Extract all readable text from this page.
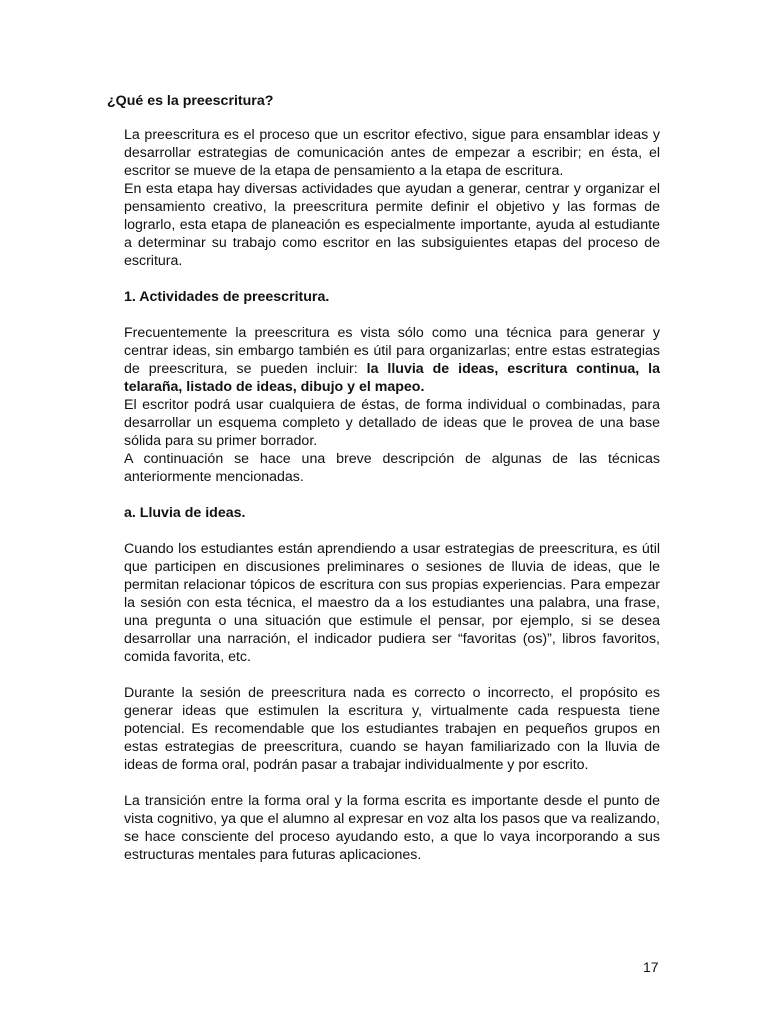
¿Qué es la preescritura?

La preescritura es el proceso que un escritor efectivo, sigue para ensamblar ideas y desarrollar estrategias de comunicación antes de empezar a escribir; en ésta, el escritor se mueve de la etapa de pensamiento a la etapa de escritura.

En esta etapa hay diversas actividades que ayudan a generar, centrar y organizar el pensamiento creativo, la preescritura permite definir el objetivo y las formas de lograrlo, esta etapa de planeación es especialmente importante, ayuda al estudiante a determinar su trabajo como escritor en las subsiguientes etapas del proceso de escritura.

1. Actividades de preescritura.

Frecuentemente la preescritura es vista sólo como una técnica para generar y centrar ideas, sin embargo también es útil para organizarlas; entre estas estrategias de preescritura, se pueden incluir: la lluvia de ideas, escritura continua, la telaraña, listado de ideas, dibujo y el mapeo.

El escritor podrá usar cualquiera de éstas, de forma individual o combinadas, para desarrollar un esquema completo y detallado de ideas que le provea de una base sólida para su primer borrador.

A continuación se hace una breve descripción de algunas de las técnicas anteriormente mencionadas.

a. Lluvia de ideas.

Cuando los estudiantes están aprendiendo a usar estrategias de preescritura, es útil que participen en discusiones preliminares o sesiones de lluvia de ideas, que le permitan relacionar tópicos de escritura con sus propias experiencias. Para empezar la sesión con esta técnica, el maestro da a los estudiantes una palabra, una frase, una pregunta o una situación que estimule el pensar, por ejemplo, si se desea desarrollar una narración, el indicador pudiera ser “favoritas (os)”, libros favoritos, comida favorita, etc.

Durante la sesión de preescritura nada es correcto o incorrecto, el propósito es generar ideas que estimulen la escritura y, virtualmente cada respuesta tiene potencial. Es recomendable que los estudiantes trabajen en pequeños grupos en estas estrategias de preescritura, cuando se hayan familiarizado con la lluvia de ideas de forma oral, podrán pasar a trabajar individualmente y por escrito.

La transición entre la forma oral y la forma escrita es importante desde el punto de vista cognitivo, ya que el alumno al expresar en voz alta los pasos que va realizando, se hace consciente del proceso ayudando esto, a que lo vaya incorporando a sus estructuras mentales para futuras aplicaciones.

17
